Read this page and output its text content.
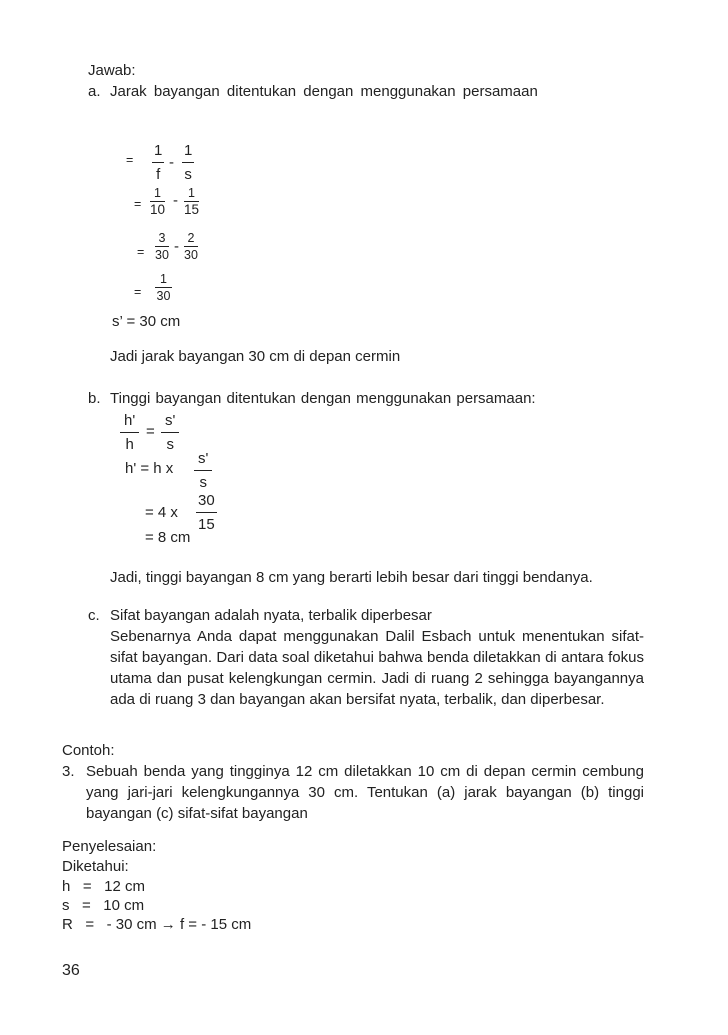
Jawab:
a. Jarak bayangan ditentukan dengan menggunakan persamaan
= $\frac{1}{f} - \frac{1}{s}$
= $\frac{1}{10} - \frac{1}{15}$
= $\frac{3}{30} - \frac{2}{30}$
= $\frac{1}{30}$
s’ = 30 cm
Jadi jarak bayangan 30 cm di depan cermin
b. Tinggi bayangan ditentukan dengan menggunakan persamaan:
$\frac{h'}{h} = \frac{s'}{s}$
h' = h x $\frac{s'}{s}$
= 4 x $\frac{30}{15}$
= 8 cm
Jadi, tinggi bayangan 8 cm yang berarti lebih besar dari tinggi bendanya.
c. Sifat bayangan adalah nyata, terbalik diperbesar
Sebenarnya Anda dapat menggunakan Dalil Esbach untuk menentukan sifat-sifat bayangan. Dari data soal diketahui bahwa benda diletakkan di antara fokus utama dan pusat kelengkungan cermin. Jadi di ruang 2 sehingga bayangannya ada di ruang 3 dan bayangan akan bersifat nyata, terbalik, dan diperbesar.
Contoh:
3. Sebuah benda yang tingginya 12 cm diletakkan 10 cm di depan cermin cembung yang jari-jari kelengkungannya 30 cm. Tentukan (a) jarak bayangan (b) tinggi bayangan (c) sifat-sifat bayangan
Penyelesaian:
Diketahui:
h   =   12 cm
s   =   10 cm
R   =   - 30 cm → f = - 15 cm
36
